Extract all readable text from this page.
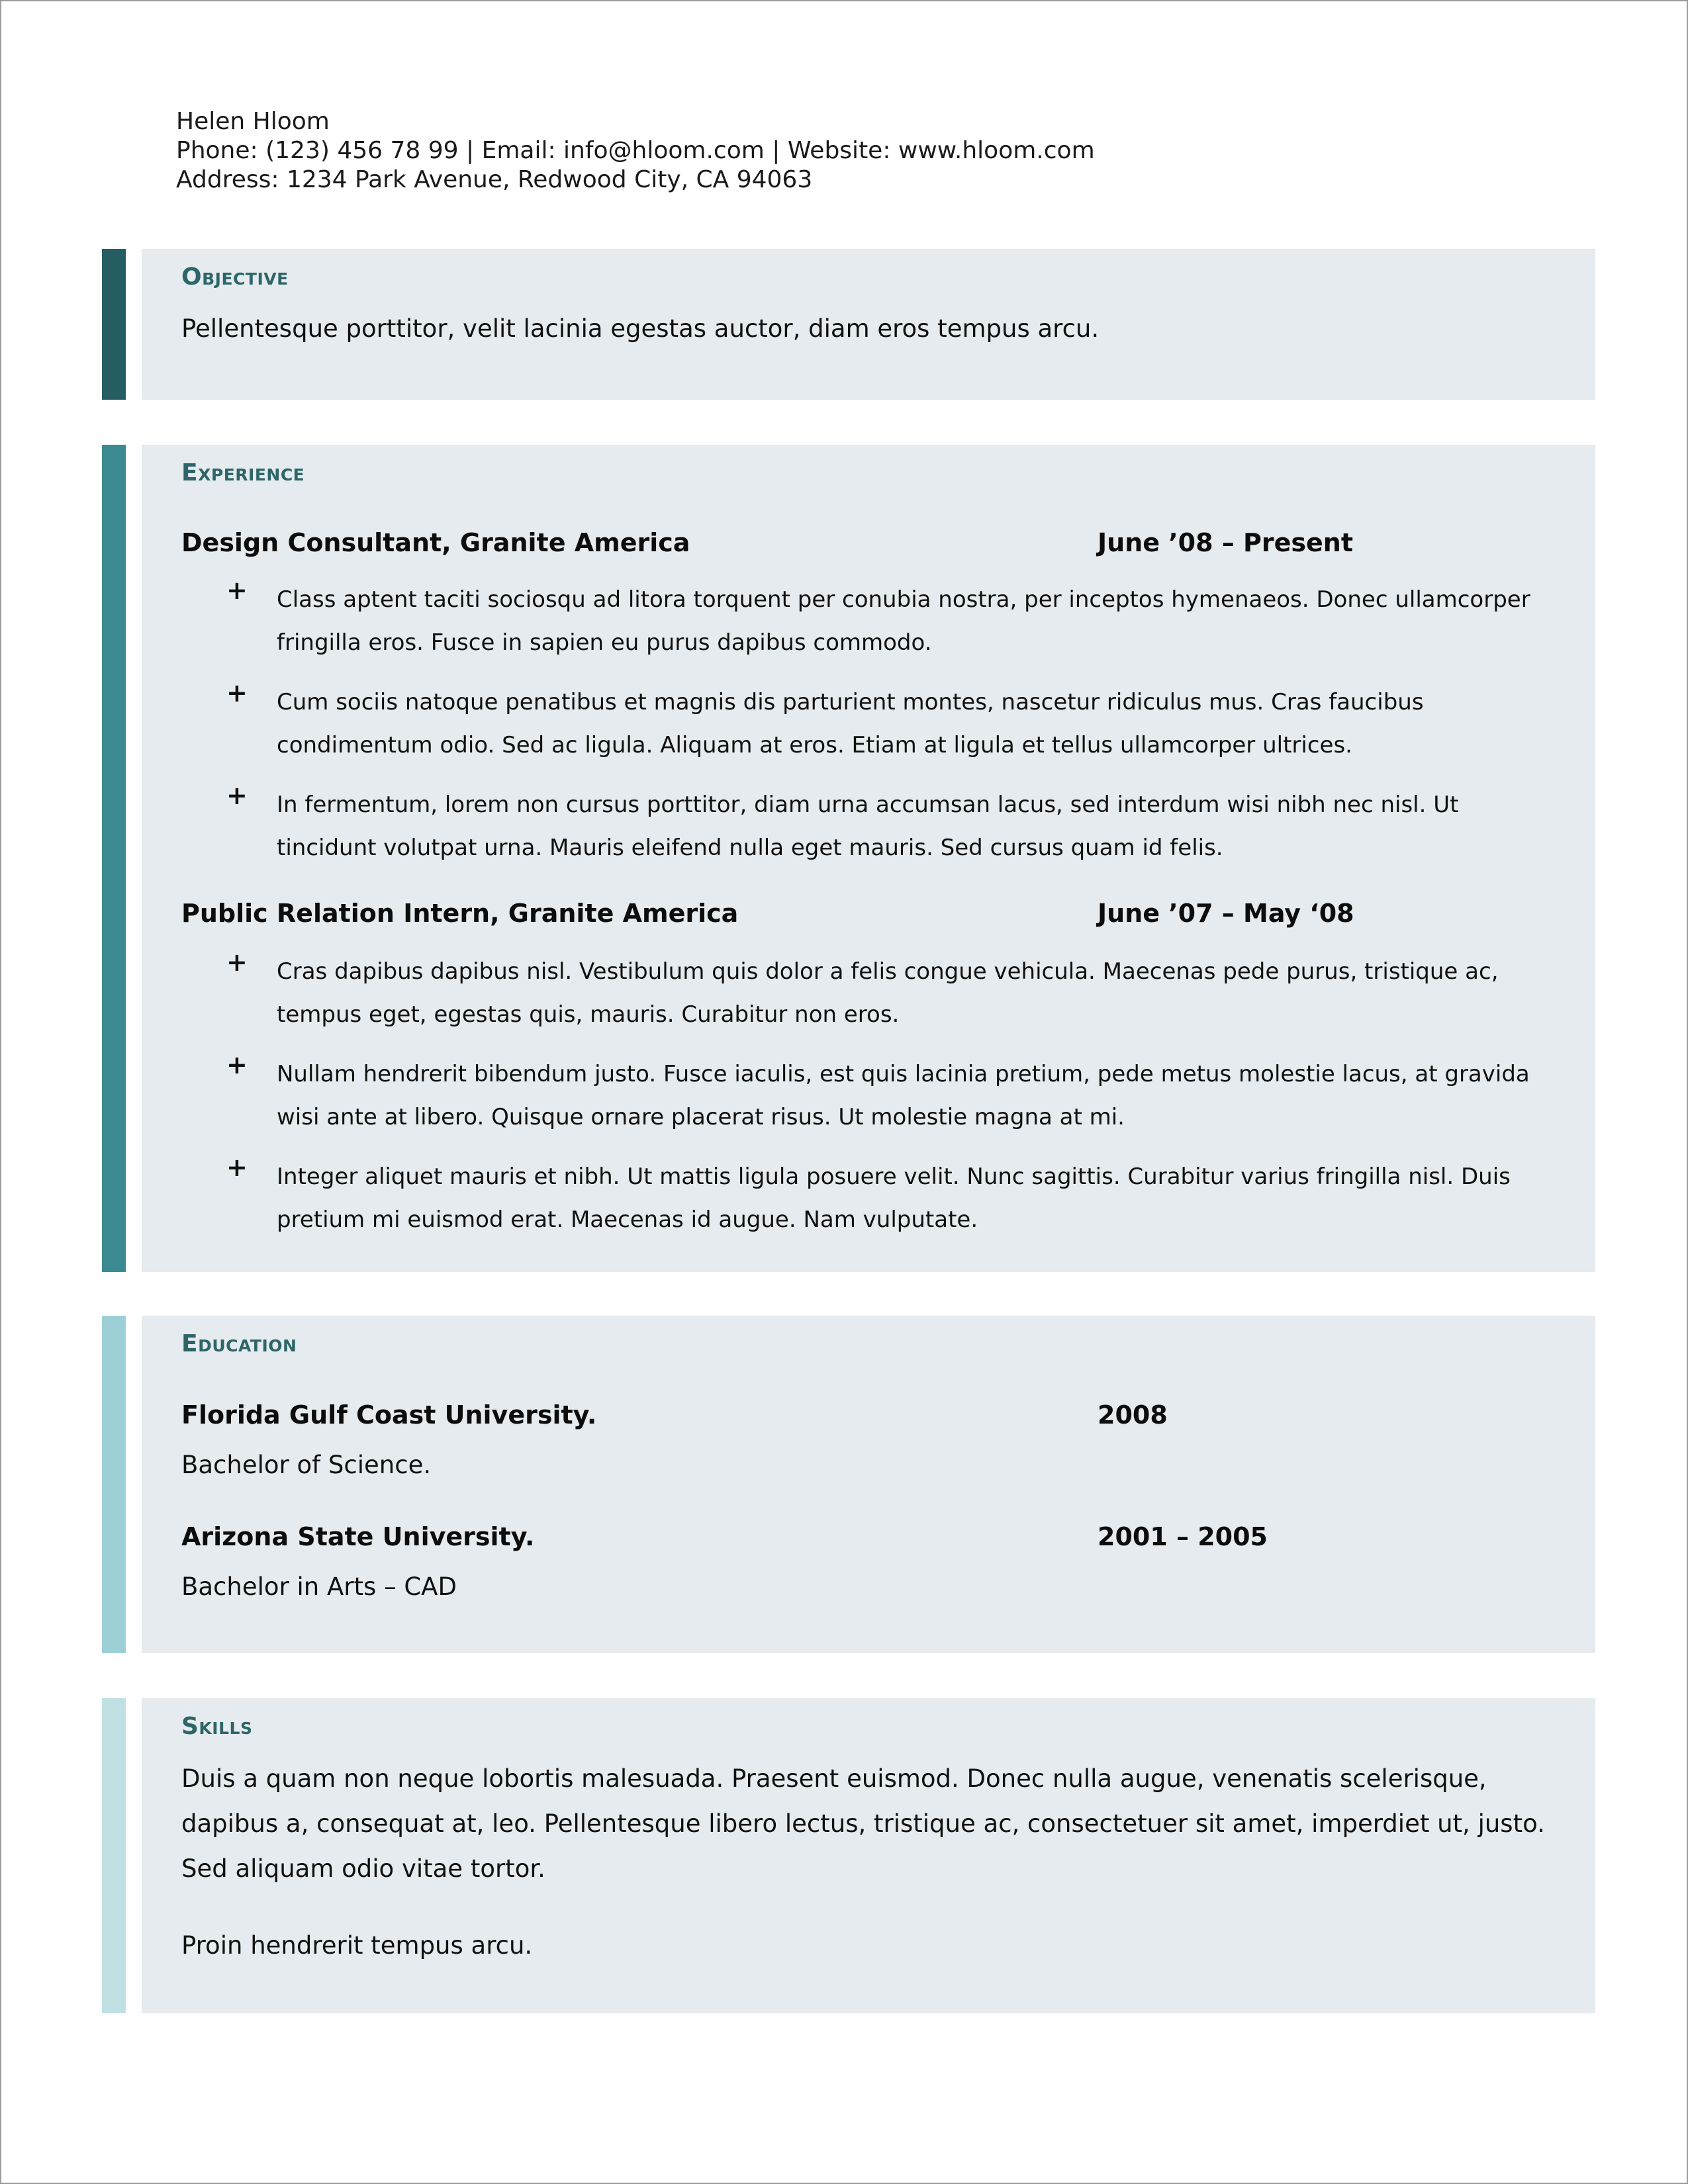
Helen Hloom
Phone: (123) 456 78 99 | Email: info@hloom.com | Website: www.hloom.com
Address: 1234 Park Avenue, Redwood City, CA 94063
Objective
Pellentesque porttitor, velit lacinia egestas auctor, diam eros tempus arcu.
Experience
Design Consultant, Granite America	June ’08 – Present
+ Class aptent taciti sociosqu ad litora torquent per conubia nostra, per inceptos hymenaeos. Donec ullamcorper fringilla eros. Fusce in sapien eu purus dapibus commodo.
+ Cum sociis natoque penatibus et magnis dis parturient montes, nascetur ridiculus mus. Cras faucibus condimentum odio. Sed ac ligula. Aliquam at eros. Etiam at ligula et tellus ullamcorper ultrices.
+ In fermentum, lorem non cursus porttitor, diam urna accumsan lacus, sed interdum wisi nibh nec nisl. Ut tincidunt volutpat urna. Mauris eleifend nulla eget mauris. Sed cursus quam id felis.
Public Relation Intern, Granite America	June ’07 – May ‘08
+ Cras dapibus dapibus nisl. Vestibulum quis dolor a felis congue vehicula. Maecenas pede purus, tristique ac, tempus eget, egestas quis, mauris. Curabitur non eros.
+ Nullam hendrerit bibendum justo. Fusce iaculis, est quis lacinia pretium, pede metus molestie lacus, at gravida wisi ante at libero. Quisque ornare placerat risus. Ut molestie magna at mi.
+ Integer aliquet mauris et nibh. Ut mattis ligula posuere velit. Nunc sagittis. Curabitur varius fringilla nisl. Duis pretium mi euismod erat. Maecenas id augue. Nam vulputate.
Education
Florida Gulf Coast University.	2008
Bachelor of Science.
Arizona State University.	2001 – 2005
Bachelor in Arts – CAD
Skills
Duis a quam non neque lobortis malesuada. Praesent euismod. Donec nulla augue, venenatis scelerisque, dapibus a, consequat at, leo. Pellentesque libero lectus, tristique ac, consectetuer sit amet, imperdiet ut, justo. Sed aliquam odio vitae tortor.
Proin hendrerit tempus arcu.
